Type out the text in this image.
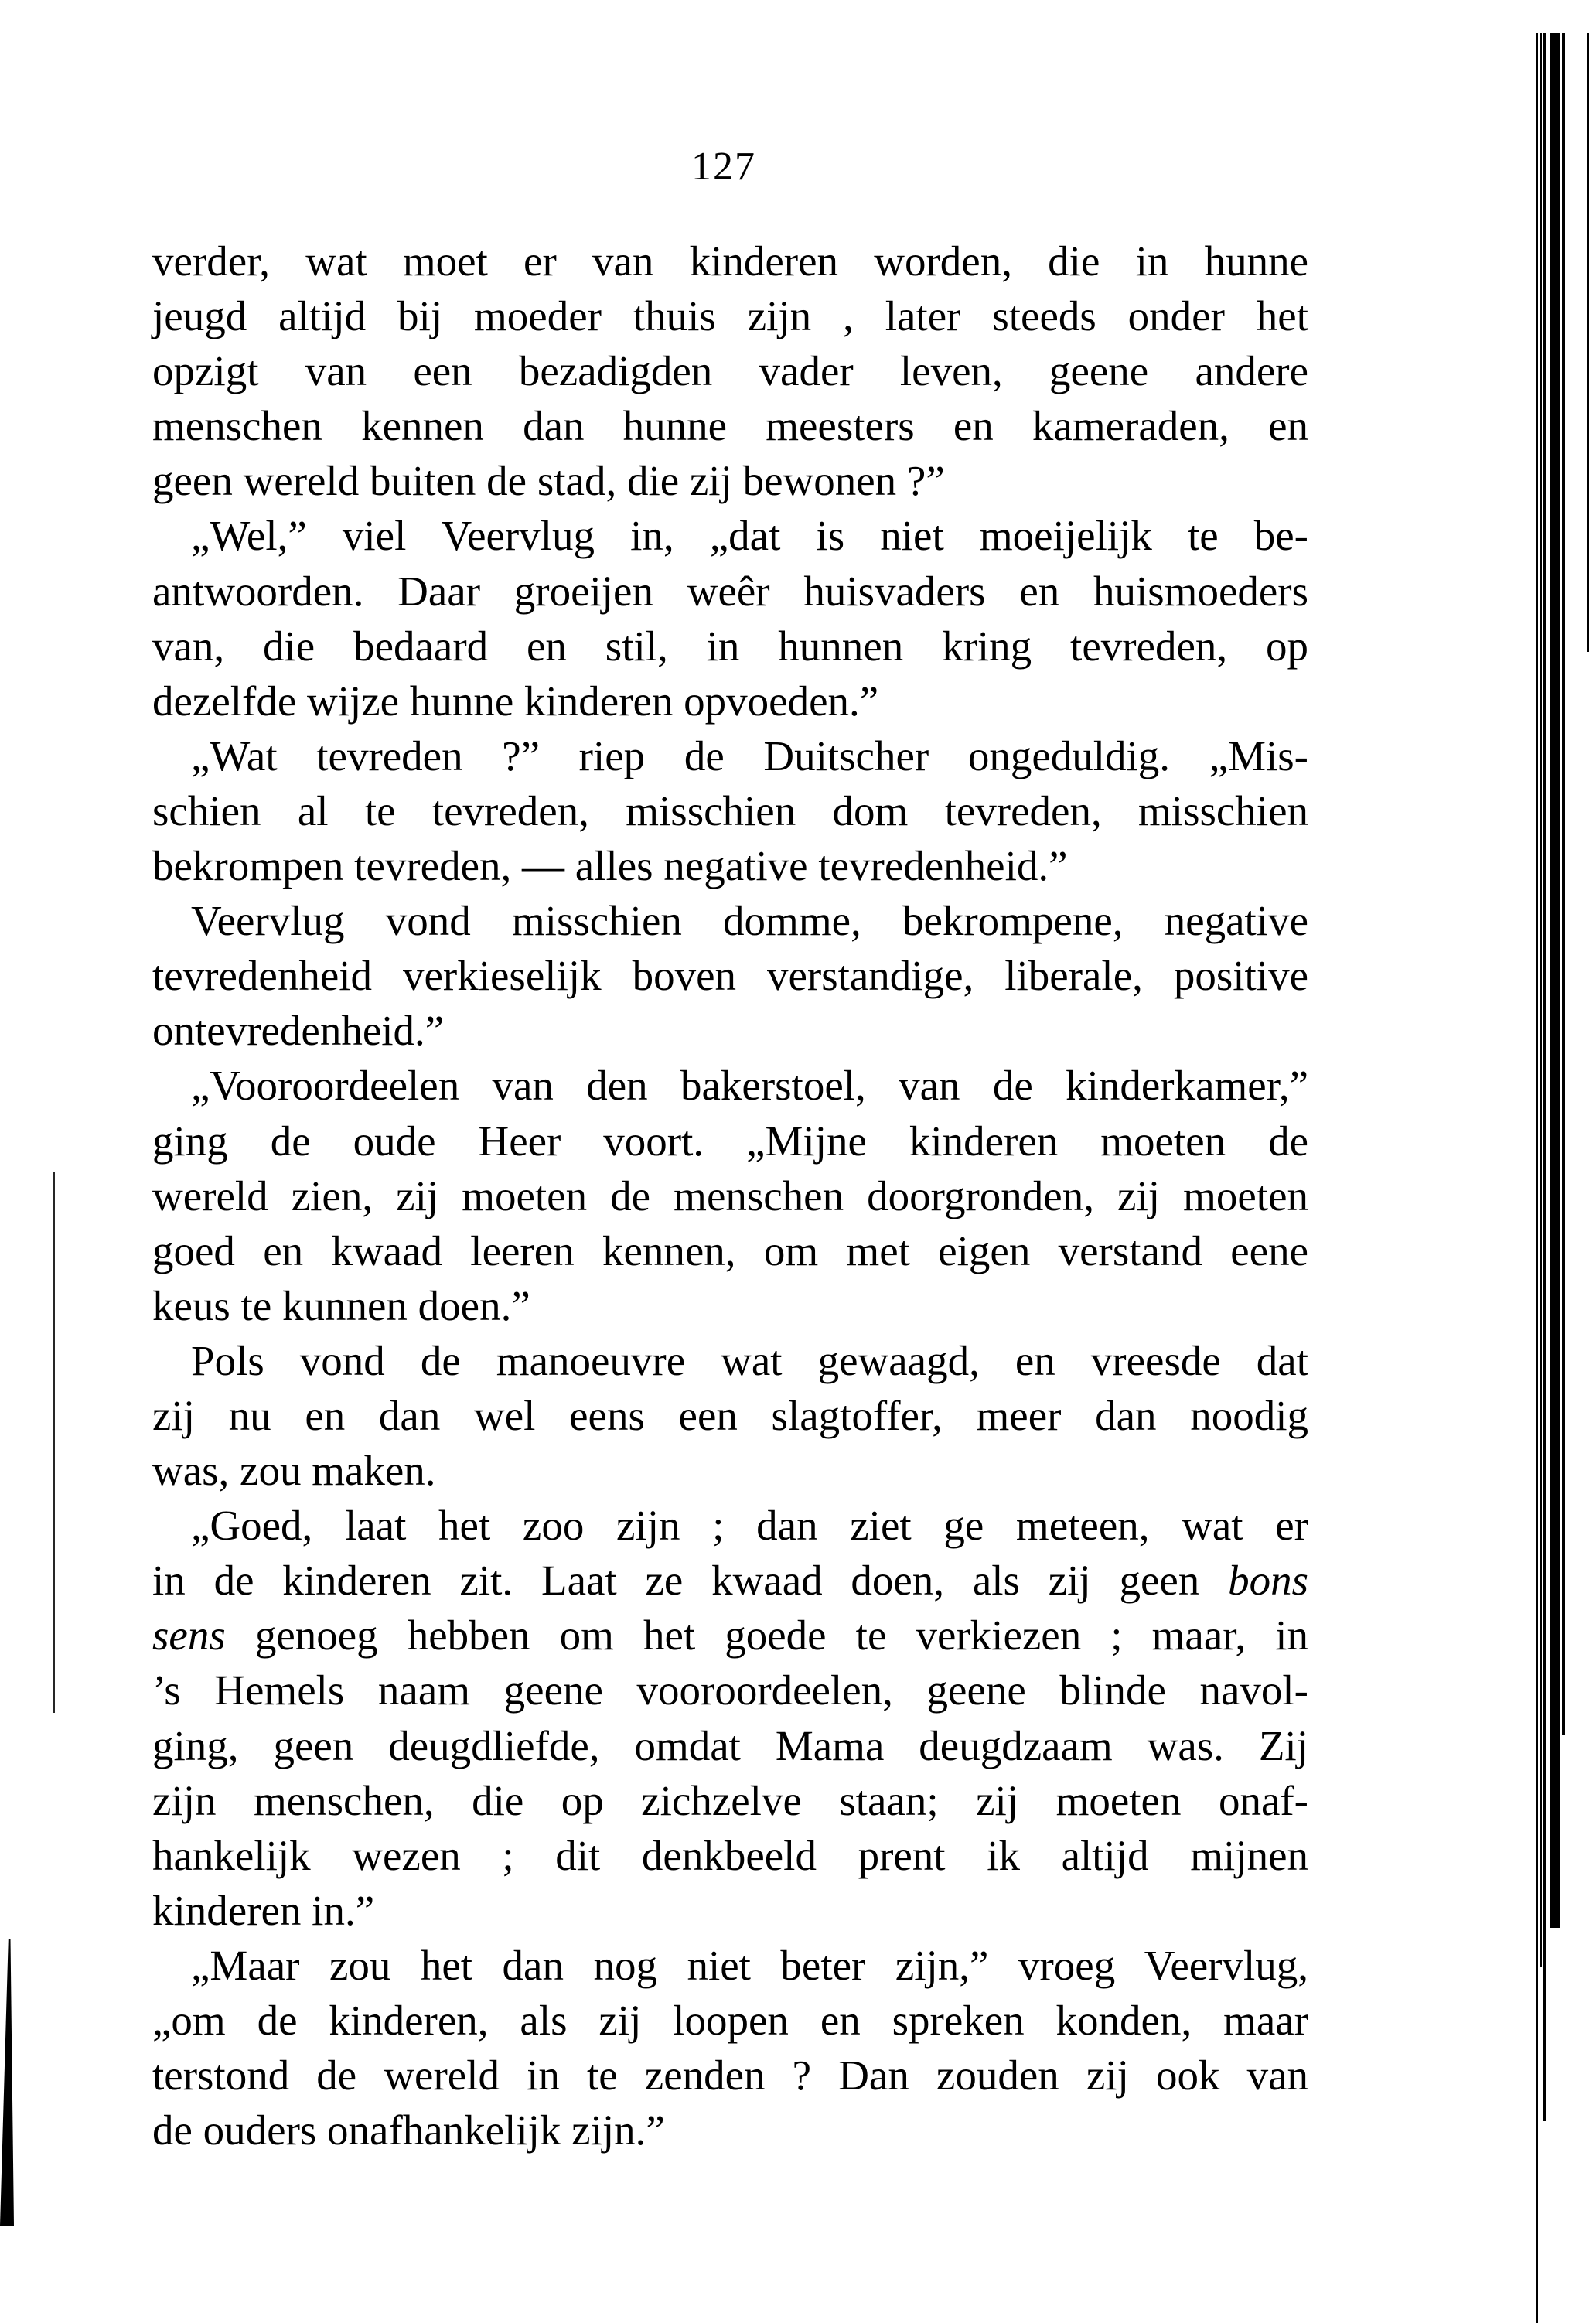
127
verder, wat moet er van kinderen worden, die in hunne
jeugd altijd bij moeder thuis zijn , later steeds onder het
opzigt van een bezadigden vader leven, geene andere
menschen kennen dan hunne meesters en kameraden, en
geen wereld buiten de stad, die zij bewonen ?”
„Wel,” viel Veervlug in, „dat is niet moeijelijk te be-
antwoorden. Daar groeijen weêr huisvaders en huismoeders
van, die bedaard en stil, in hunnen kring tevreden, op
dezelfde wijze hunne kinderen opvoeden.”
„Wat tevreden ?” riep de Duitscher ongeduldig. „Mis-
schien al te tevreden, misschien dom tevreden, misschien
bekrompen tevreden, — alles negative tevredenheid.”
Veervlug vond misschien domme, bekrompene, negative
tevredenheid verkieselijk boven verstandige, liberale, positive
ontevredenheid.”
„Vooroordeelen van den bakerstoel, van de kinderkamer,”
ging de oude Heer voort. „Mijne kinderen moeten de
wereld zien, zij moeten de menschen doorgronden, zij moeten
goed en kwaad leeren kennen, om met eigen verstand eene
keus te kunnen doen.”
Pols vond de manoeuvre wat gewaagd, en vreesde dat
zij nu en dan wel eens een slagtoffer, meer dan noodig
was, zou maken.
„Goed, laat het zoo zijn ; dan ziet ge meteen, wat er
in de kinderen zit. Laat ze kwaad doen, als zij geen bons
sens genoeg hebben om het goede te verkiezen ; maar, in
’s Hemels naam geene vooroordeelen, geene blinde navol-
ging, geen deugdliefde, omdat Mama deugdzaam was. Zij
zijn menschen, die op zichzelve staan; zij moeten onaf-
hankelijk wezen ; dit denkbeeld prent ik altijd mijnen
kinderen in.”
„Maar zou het dan nog niet beter zijn,” vroeg Veervlug,
„om de kinderen, als zij loopen en spreken konden, maar
terstond de wereld in te zenden ? Dan zouden zij ook van
de ouders onafhankelijk zijn.”
